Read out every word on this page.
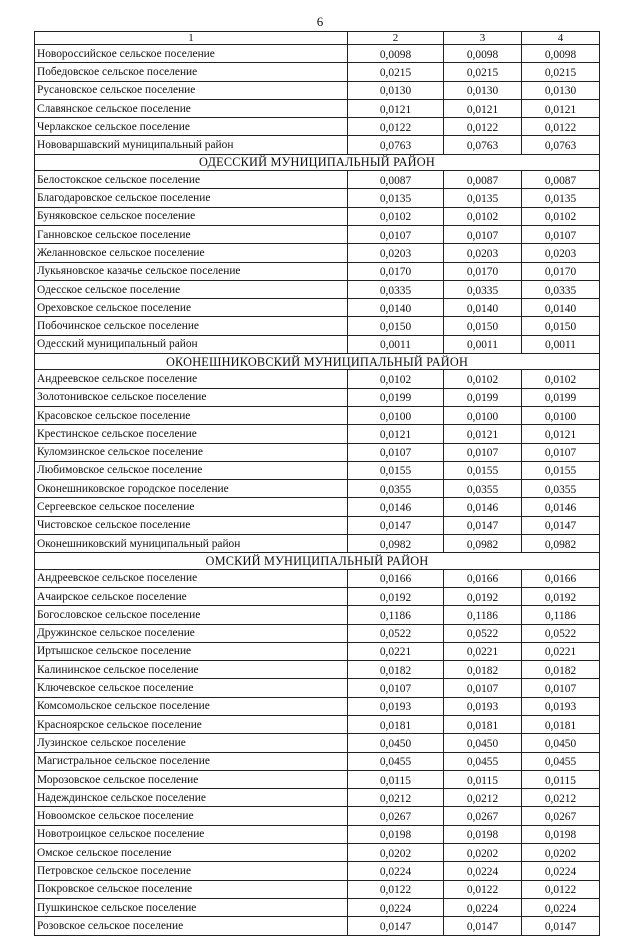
6
1	2	3	4
Новороссийское сельское поселение	0,0098	0,0098	0,0098
Победовское сельское поселение	0,0215	0,0215	0,0215
Русановское сельское поселение	0,0130	0,0130	0,0130
Славянское сельское поселение	0,0121	0,0121	0,0121
Черлакское сельское поселение	0,0122	0,0122	0,0122
Нововаршавский муниципальный район	0,0763	0,0763	0,0763
ОДЕССКИЙ МУНИЦИПАЛЬНЫЙ РАЙОН			
Белостокское сельское поселение	0,0087	0,0087	0,0087
Благодаровское сельское поселение	0,0135	0,0135	0,0135
Буняковское сельское поселение	0,0102	0,0102	0,0102
Ганновское сельское поселение	0,0107	0,0107	0,0107
Желанновское сельское поселение	0,0203	0,0203	0,0203
Лукьяновское казачье сельское поселение	0,0170	0,0170	0,0170
Одесское сельское поселение	0,0335	0,0335	0,0335
Ореховское сельское поселение	0,0140	0,0140	0,0140
Побочинское сельское поселение	0,0150	0,0150	0,0150
Одесский муниципальный район	0,0011	0,0011	0,0011
ОКОНЕШНИКОВСКИЙ МУНИЦИПАЛЬНЫЙ РАЙОН			
Андреевское сельское поселение	0,0102	0,0102	0,0102
Золотонивское сельское поселение	0,0199	0,0199	0,0199
Красовское сельское поселение	0,0100	0,0100	0,0100
Крестинское сельское поселение	0,0121	0,0121	0,0121
Куломзинское сельское поселение	0,0107	0,0107	0,0107
Любимовское сельское поселение	0,0155	0,0155	0,0155
Оконешниковское городское поселение	0,0355	0,0355	0,0355
Сергеевское сельское поселение	0,0146	0,0146	0,0146
Чистовское сельское поселение	0,0147	0,0147	0,0147
Оконешниковский муниципальный район	0,0982	0,0982	0,0982
ОМСКИЙ МУНИЦИПАЛЬНЫЙ РАЙОН			
Андреевское сельское поселение	0,0166	0,0166	0,0166
Ачаирское сельское поселение	0,0192	0,0192	0,0192
Богословское сельское поселение	0,1186	0,1186	0,1186
Дружинское сельское поселение	0,0522	0,0522	0,0522
Иртышское сельское поселение	0,0221	0,0221	0,0221
Калининское сельское поселение	0,0182	0,0182	0,0182
Ключевское сельское поселение	0,0107	0,0107	0,0107
Комсомольское сельское поселение	0,0193	0,0193	0,0193
Красноярское сельское поселение	0,0181	0,0181	0,0181
Лузинское сельское поселение	0,0450	0,0450	0,0450
Магистральное сельское поселение	0,0455	0,0455	0,0455
Морозовское сельское поселение	0,0115	0,0115	0,0115
Надеждинское сельское поселение	0,0212	0,0212	0,0212
Новоомское сельское поселение	0,0267	0,0267	0,0267
Новотроицкое сельское поселение	0,0198	0,0198	0,0198
Омское сельское поселение	0,0202	0,0202	0,0202
Петровское сельское поселение	0,0224	0,0224	0,0224
Покровское сельское поселение	0,0122	0,0122	0,0122
Пушкинское сельское поселение	0,0224	0,0224	0,0224
Розовское сельское поселение	0,0147	0,0147	0,0147
